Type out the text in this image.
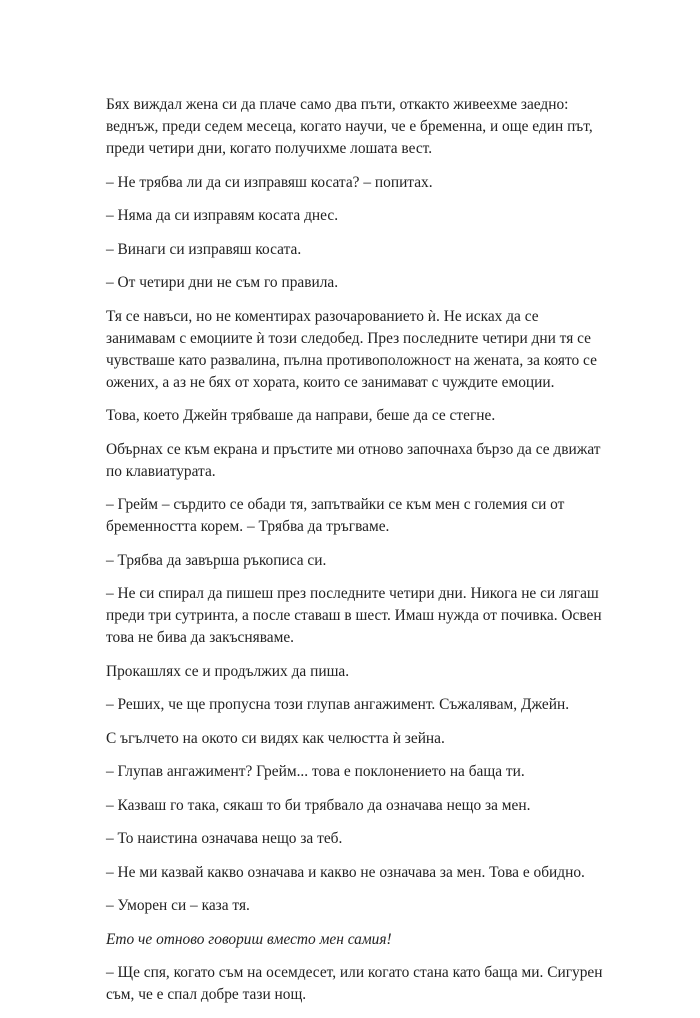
Бях виждал жена си да плаче само два пъти, откакто живеехме заедно: веднъж, преди седем месеца, когато научи, че е бременна, и още един път, преди четири дни, когато получихме лошата вест.

– Не трябва ли да си изправяш косата? – попитах.

– Няма да си изправям косата днес.

– Винаги си изправяш косата.

– От четири дни не съм го правила.

Тя се навъси, но не коментирах разочарованието ѝ. Не исках да се занимавам с емоциите ѝ този следобед. През последните четири дни тя се чувстваше като развалина, пълна противоположност на жената, за която се ожених, а аз не бях от хората, които се занимават с чуждите емоции.

Това, което Джейн трябваше да направи, беше да се стегне.

Обърнах се към екрана и пръстите ми отново започнаха бързо да се движат по клавиатурата.

– Грейм – сърдито се обади тя, запътвайки се към мен с големия си от бременността корем. – Трябва да тръгваме.

– Трябва да завърша ръкописа си.

– Не си спирал да пишеш през последните четири дни. Никога не си лягаш преди три сутринта, а после ставаш в шест. Имаш нужда от почивка. Освен това не бива да закъсняваме.

Прокашлях се и продължих да пиша.

– Реших, че ще пропусна този глупав ангажимент. Съжалявам, Джейн.

С ъгълчето на окото си видях как челюстта ѝ зейна.

– Глупав ангажимент? Грейм... това е поклонението на баща ти.

– Казваш го така, сякаш то би трябвало да означава нещо за мен.

– То наистина означава нещо за теб.

– Не ми казвай какво означава и какво не означава за мен. Това е обидно.

– Уморен си – каза тя.

Ето че отново говориш вместо мен самия!

– Ще спя, когато съм на осемдесет, или когато стана като баща ми. Сигурен съм, че е спал добре тази нощ.
